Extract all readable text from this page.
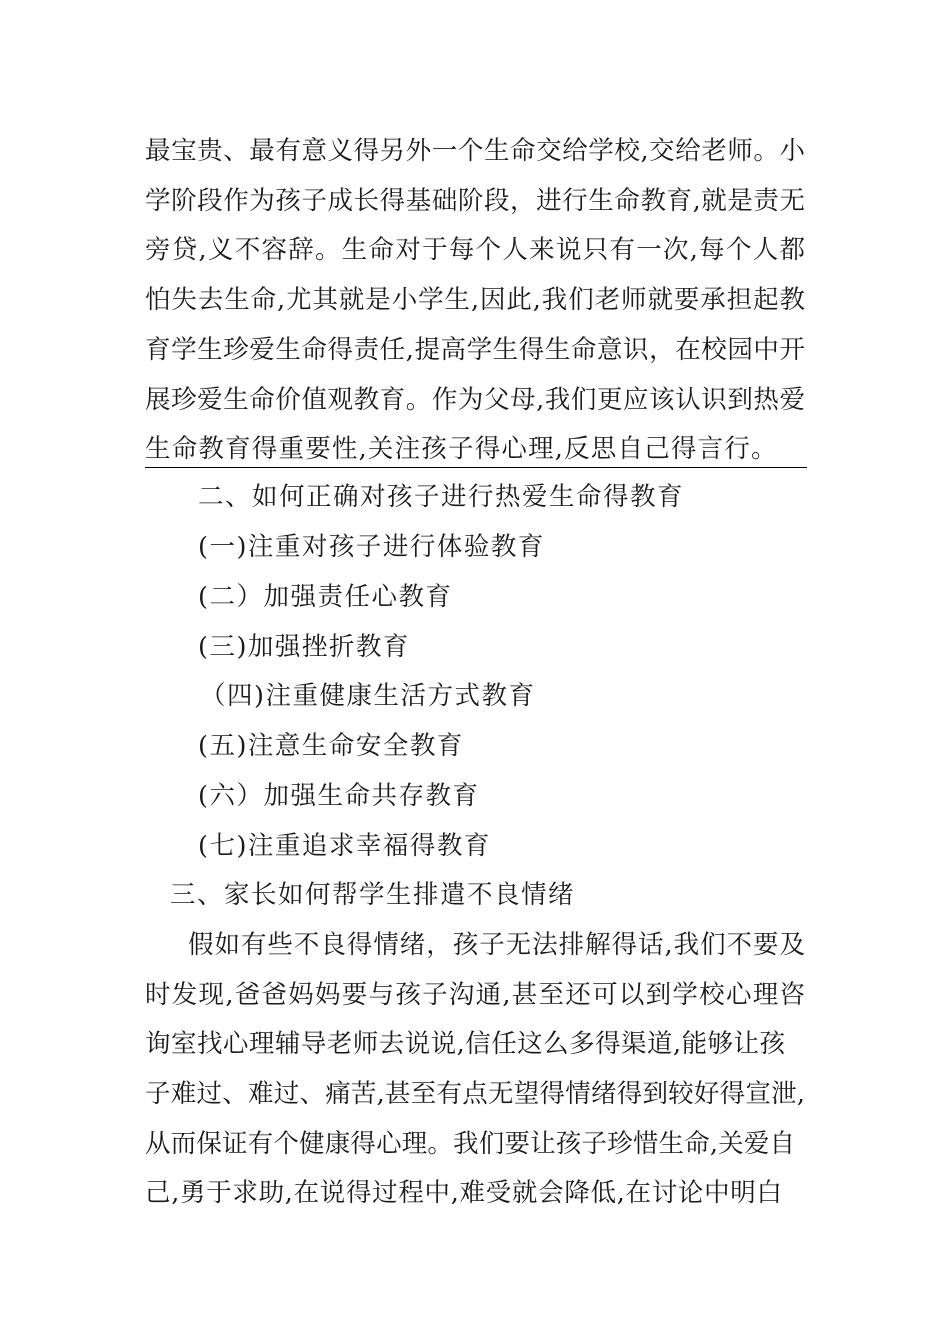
最宝贵、最有意义得另外一个生命交给学校,交给老师。小
学阶段作为孩子成长得基础阶段，进行生命教育,就是责无
旁贷,义不容辞。生命对于每个人来说只有一次,每个人都
怕失去生命,尤其就是小学生,因此,我们老师就要承担起教
育学生珍爱生命得责任,提高学生得生命意识，在校园中开
展珍爱生命价值观教育。作为父母,我们更应该认识到热爱
生命教育得重要性,关注孩子得心理,反思自己得言行。
二、如何正确对孩子进行热爱生命得教育
(一)注重对孩子进行体验教育
(二）加强责任心教育
(三)加强挫折教育
（四)注重健康生活方式教育
(五)注意生命安全教育
(六）加强生命共存教育
(七)注重追求幸福得教育
三、家长如何帮学生排遣不良情绪
假如有些不良得情绪，孩子无法排解得话,我们不要及
时发现,爸爸妈妈要与孩子沟通,甚至还可以到学校心理咨
询室找心理辅导老师去说说,信任这么多得渠道,能够让孩
子难过、难过、痛苦,甚至有点无望得情绪得到较好得宣泄,
从而保证有个健康得心理。我们要让孩子珍惜生命,关爱自
己,勇于求助,在说得过程中,难受就会降低,在讨论中明白
